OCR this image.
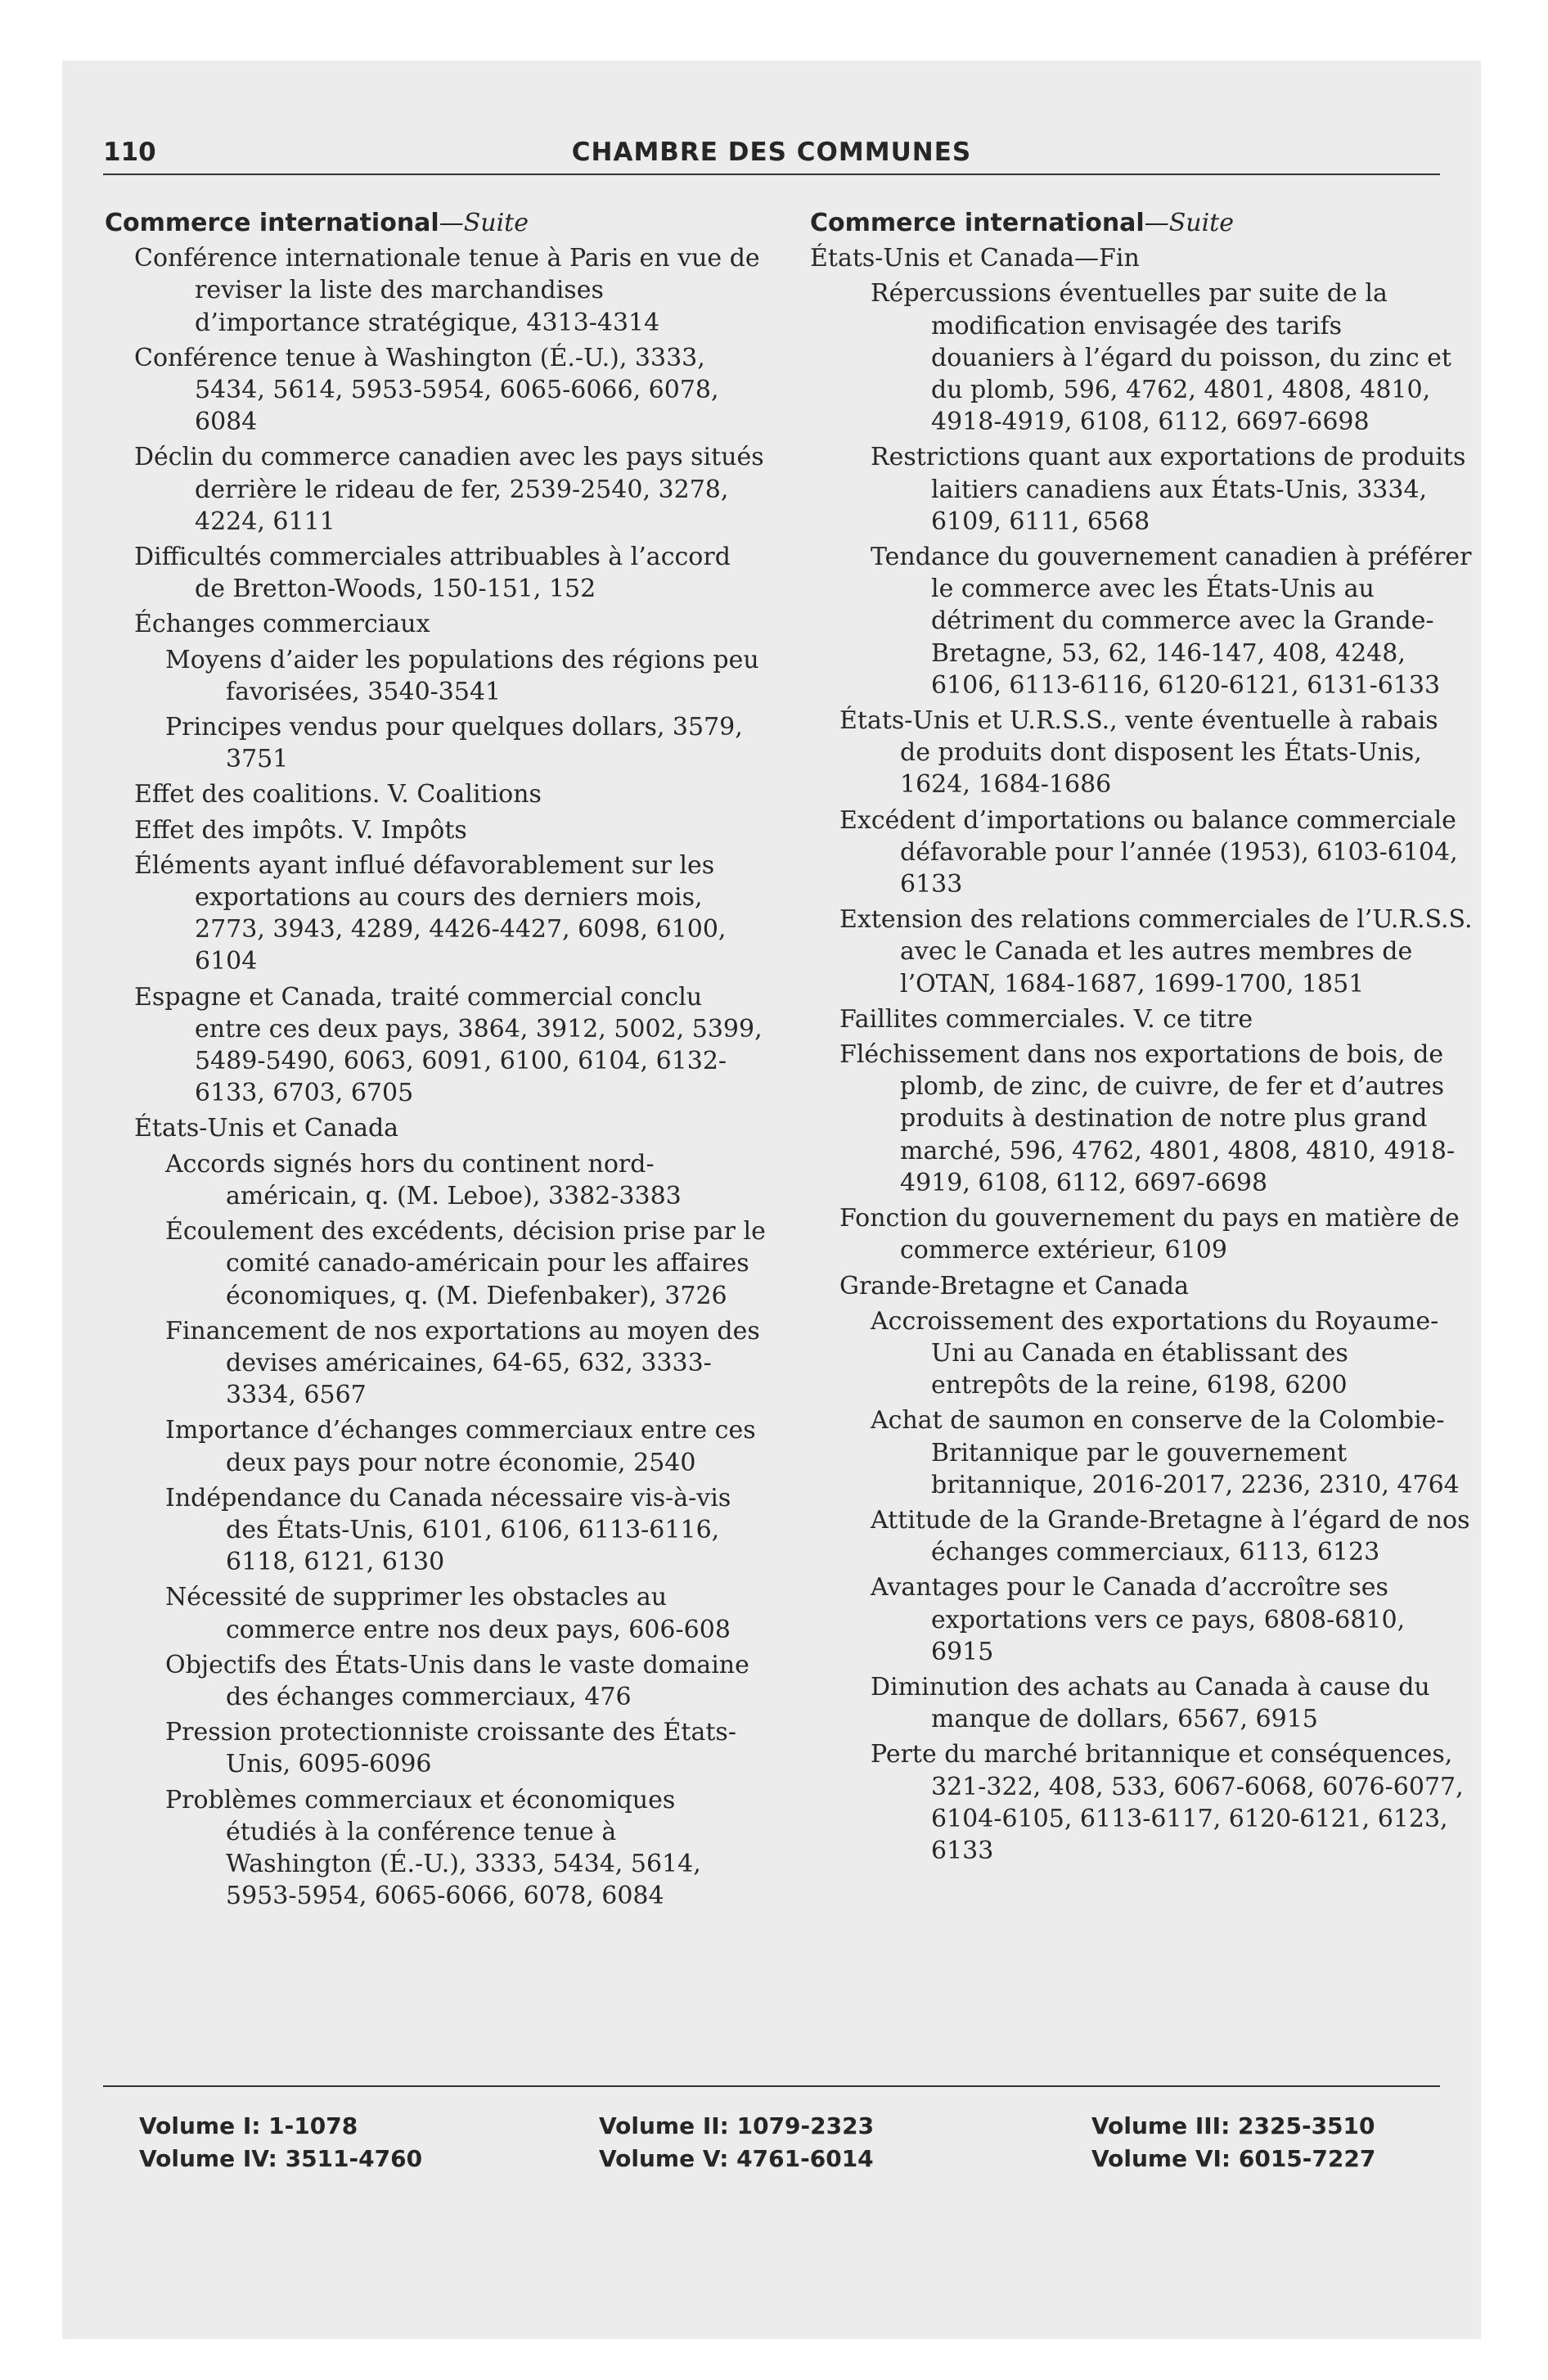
110	CHAMBRE DES COMMUNES
Commerce international—Suite
Conférence internationale tenue à Paris en vue de reviser la liste des marchandises d’importance stratégique, 4313-4314
Conférence tenue à Washington (É.-U.), 3333, 5434, 5614, 5953-5954, 6065-6066, 6078, 6084
Déclin du commerce canadien avec les pays situés derrière le rideau de fer, 2539-2540, 3278, 4224, 6111
Difficultés commerciales attribuables à l’accord de Bretton-Woods, 150-151, 152
Échanges commerciaux
Moyens d’aider les populations des régions peu favorisées, 3540-3541
Principes vendus pour quelques dollars, 3579, 3751
Effet des coalitions. V. Coalitions
Effet des impôts. V. Impôts
Éléments ayant influé défavorablement sur les exportations au cours des derniers mois, 2773, 3943, 4289, 4426-4427, 6098, 6100, 6104
Espagne et Canada, traité commercial conclu entre ces deux pays, 3864, 3912, 5002, 5399, 5489-5490, 6063, 6091, 6100, 6104, 6132-6133, 6703, 6705
États-Unis et Canada
Accords signés hors du continent nord-américain, q. (M. Leboe), 3382-3383
Écoulement des excédents, décision prise par le comité canado-américain pour les affaires économiques, q. (M. Diefenbaker), 3726
Financement de nos exportations au moyen des devises américaines, 64-65, 632, 3333-3334, 6567
Importance d’échanges commerciaux entre ces deux pays pour notre économie, 2540
Indépendance du Canada nécessaire vis-à-vis des États-Unis, 6101, 6106, 6113-6116, 6118, 6121, 6130
Nécessité de supprimer les obstacles au commerce entre nos deux pays, 606-608
Objectifs des États-Unis dans le vaste domaine des échanges commerciaux, 476
Pression protectionniste croissante des États-Unis, 6095-6096
Problèmes commerciaux et économiques étudiés à la conférence tenue à Washington (É.-U.), 3333, 5434, 5614, 5953-5954, 6065-6066, 6078, 6084
Commerce international—Suite
États-Unis et Canada—Fin
Répercussions éventuelles par suite de la modification envisagée des tarifs douaniers à l’égard du poisson, du zinc et du plomb, 596, 4762, 4801, 4808, 4810, 4918-4919, 6108, 6112, 6697-6698
Restrictions quant aux exportations de produits laitiers canadiens aux États-Unis, 3334, 6109, 6111, 6568
Tendance du gouvernement canadien à préférer le commerce avec les États-Unis au détriment du commerce avec la Grande-Bretagne, 53, 62, 146-147, 408, 4248, 6106, 6113-6116, 6120-6121, 6131-6133
États-Unis et U.R.S.S., vente éventuelle à rabais de produits dont disposent les États-Unis, 1624, 1684-1686
Excédent d’importations ou balance commerciale défavorable pour l’année (1953), 6103-6104, 6133
Extension des relations commerciales de l’U.R.S.S. avec le Canada et les autres membres de l’OTAN, 1684-1687, 1699-1700, 1851
Faillites commerciales. V. ce titre
Fléchissement dans nos exportations de bois, de plomb, de zinc, de cuivre, de fer et d’autres produits à destination de notre plus grand marché, 596, 4762, 4801, 4808, 4810, 4918-4919, 6108, 6112, 6697-6698
Fonction du gouvernement du pays en matière de commerce extérieur, 6109
Grande-Bretagne et Canada
Accroissement des exportations du Royaume-Uni au Canada en établissant des entrepôts de la reine, 6198, 6200
Achat de saumon en conserve de la Colombie-Britannique par le gouvernement britannique, 2016-2017, 2236, 2310, 4764
Attitude de la Grande-Bretagne à l’égard de nos échanges commerciaux, 6113, 6123
Avantages pour le Canada d’accroître ses exportations vers ce pays, 6808-6810, 6915
Diminution des achats au Canada à cause du manque de dollars, 6567, 6915
Perte du marché britannique et conséquences, 321-322, 408, 533, 6067-6068, 6076-6077, 6104-6105, 6113-6117, 6120-6121, 6123, 6133
Volume I: 1-1078
Volume IV: 3511-4760
Volume II: 1079-2323
Volume V: 4761-6014
Volume III: 2325-3510
Volume VI: 6015-7227
